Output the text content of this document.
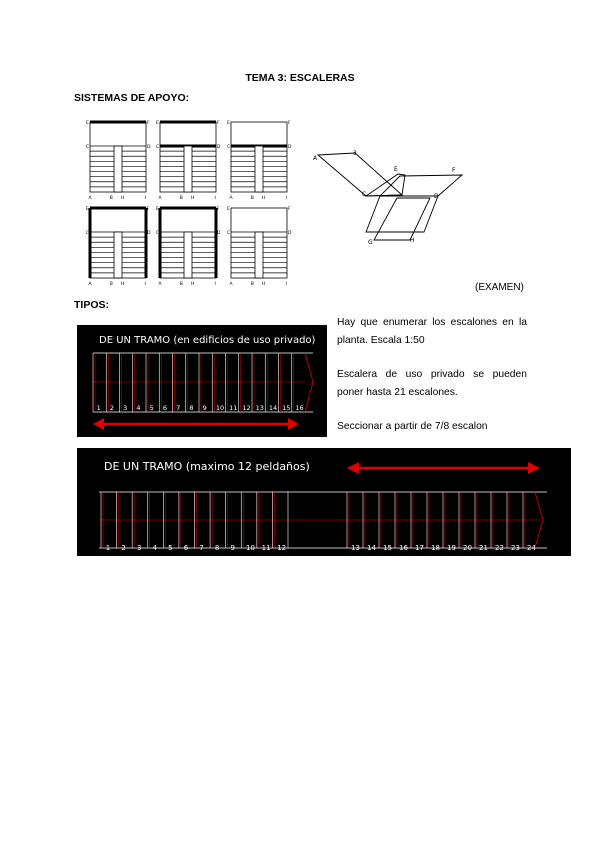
TEMA 3: ESCALERAS
SISTEMAS DE APOYO:
E	F
C	D
A	B H	I
E	F
C	D
A	B H	I
E	F
C	D
A	B H	I
E	F
C	D
A	B H	I
E	F
C	D
A	B H	I
E	F
C	D
A	B H	I
A
3
E	F
C	D
G	H
(EXAMEN)
TIPOS:
DE UN TRAMO (en edificios de uso privado)
1 2 3 4 5 6 7 8 9 10 11 12 13 14 15 16
Hay que enumerar los escalones en la planta. Escala 1:50
Escalera de uso privado se pueden poner hasta 21 escalones.
Seccionar a partir de 7/8 escalon
DE UN TRAMO (maximo 12 peldaños)
1 2 3 4 5 6 7 8 9 10 11 12	13 14 15 16 17 18 19 20 21 22 23 24
